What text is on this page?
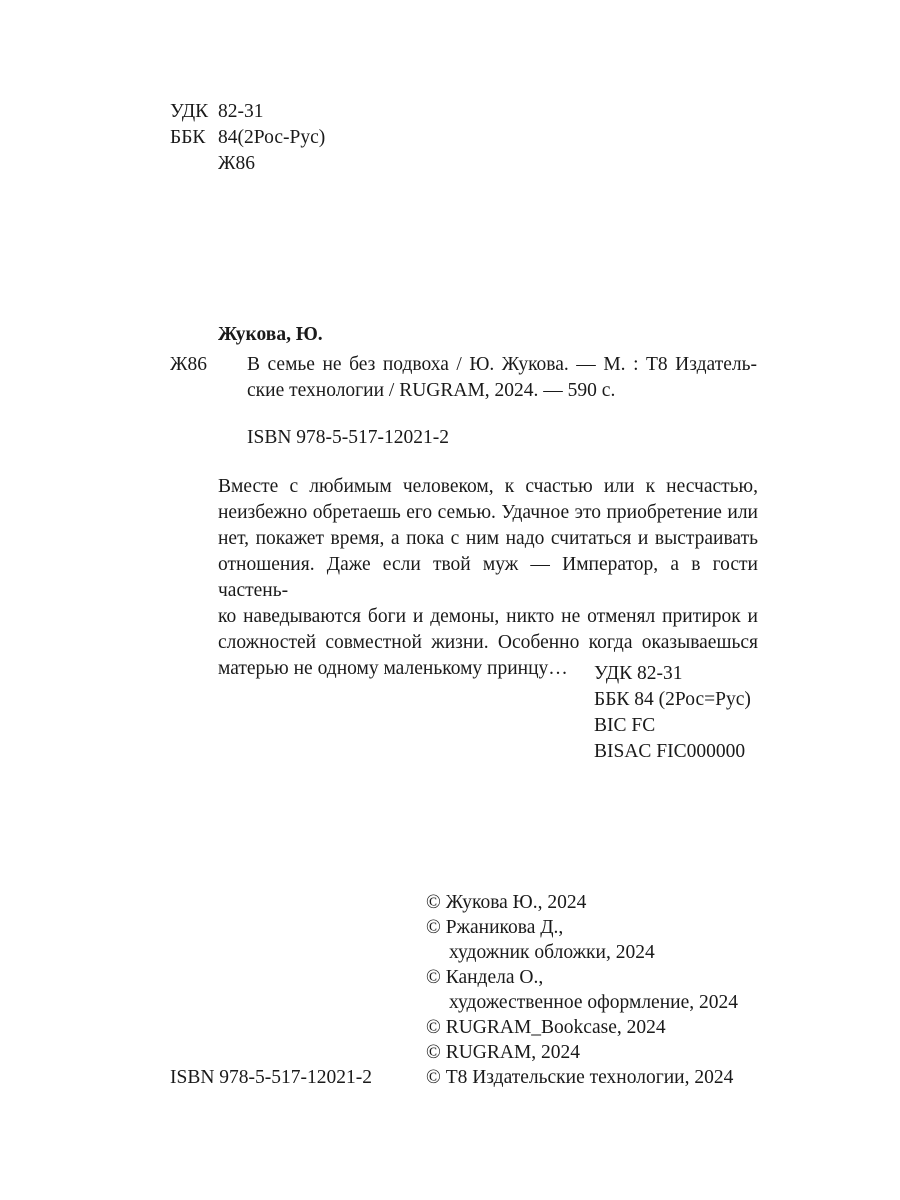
УДК 82-31
ББК 84(2Рос-Рус)
Ж86
Жукова, Ю.
Ж86 В семье не без подвоха / Ю. Жукова. — М. : Т8 Издатель-
ские технологии / RUGRAM, 2024. — 590 с.
ISBN 978-5-517-12021-2
Вместе с любимым человеком, к счастью или к несчастью,
неизбежно обретаешь его семью. Удачное это приобретение или
нет, покажет время, а пока с ним надо считаться и выстраивать
отношения. Даже если твой муж — Император, а в гости частень-
ко наведываются боги и демоны, никто не отменял притирок и
сложностей совместной жизни. Особенно когда оказываешься
матерью не одному маленькому принцу…	УДК 82-31
ББК 84 (2Рос=Рус)
BIC FC
BISAC FIC000000
© Жукова Ю., 2024
© Ржаникова Д.,
художник обложки, 2024
© Кандела О.,
художественное оформление, 2024
© RUGRAM_Bookcase, 2024
© RUGRAM, 2024
© Т8 Издательские технологии, 2024
ISBN 978-5-517-12021-2
